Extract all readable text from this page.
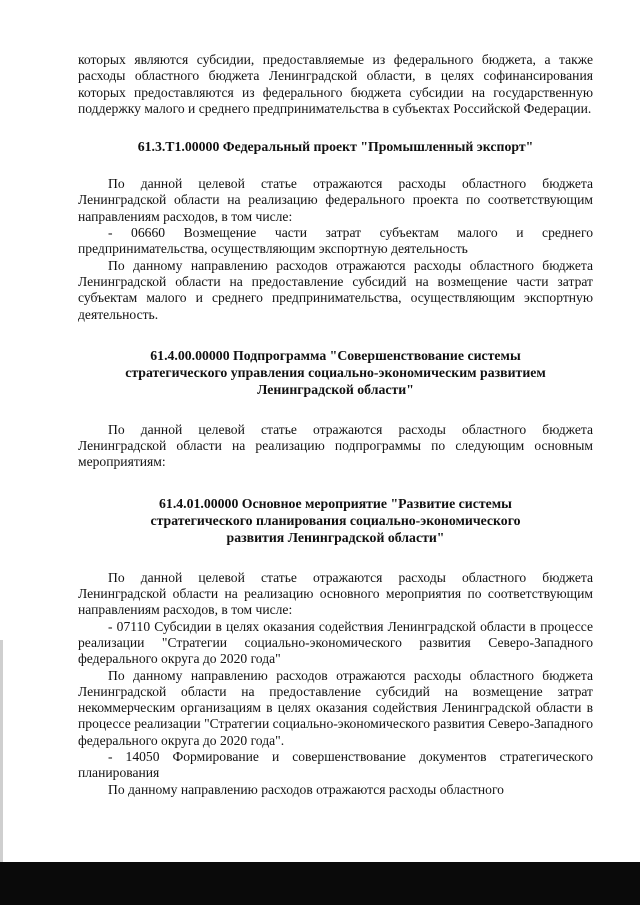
которых являются субсидии, предоставляемые из федерального бюджета, а также расходы областного бюджета Ленинградской области, в целях софинансирования которых предоставляются из федерального бюджета субсидии на государственную поддержку малого и среднего предпринимательства в субъектах Российской Федерации.

61.3.Т1.00000 Федеральный проект "Промышленный экспорт"

По данной целевой статье отражаются расходы областного бюджета Ленинградской области на реализацию федерального проекта по соответствующим направлениям расходов, в том числе:

- 06660 Возмещение части затрат субъектам малого и среднего предпринимательства, осуществляющим экспортную деятельность

По данному направлению расходов отражаются расходы областного бюджета Ленинградской области на предоставление субсидий на возмещение части затрат субъектам малого и среднего предпринимательства, осуществляющим экспортную деятельность.

61.4.00.00000 Подпрограмма "Совершенствование системы
стратегического управления социально-экономическим развитием
Ленинградской области"

По данной целевой статье отражаются расходы областного бюджета Ленинградской области на реализацию подпрограммы по следующим основным мероприятиям:

61.4.01.00000 Основное мероприятие "Развитие системы
стратегического планирования социально-экономического
развития Ленинградской области"

По данной целевой статье отражаются расходы областного бюджета Ленинградской области на реализацию основного мероприятия по соответствующим направлениям расходов, в том числе:

- 07110 Субсидии в целях оказания содействия Ленинградской области в процессе реализации "Стратегии социально-экономического развития Северо-Западного федерального округа до 2020 года"

По данному направлению расходов отражаются расходы областного бюджета Ленинградской области на предоставление субсидий на возмещение затрат некоммерческим организациям в целях оказания содействия Ленинградской области в процессе реализации "Стратегии социально-экономического развития Северо-Западного федерального округа до 2020 года".

- 14050 Формирование и совершенствование документов стратегического планирования

По данному направлению расходов отражаются расходы областного
